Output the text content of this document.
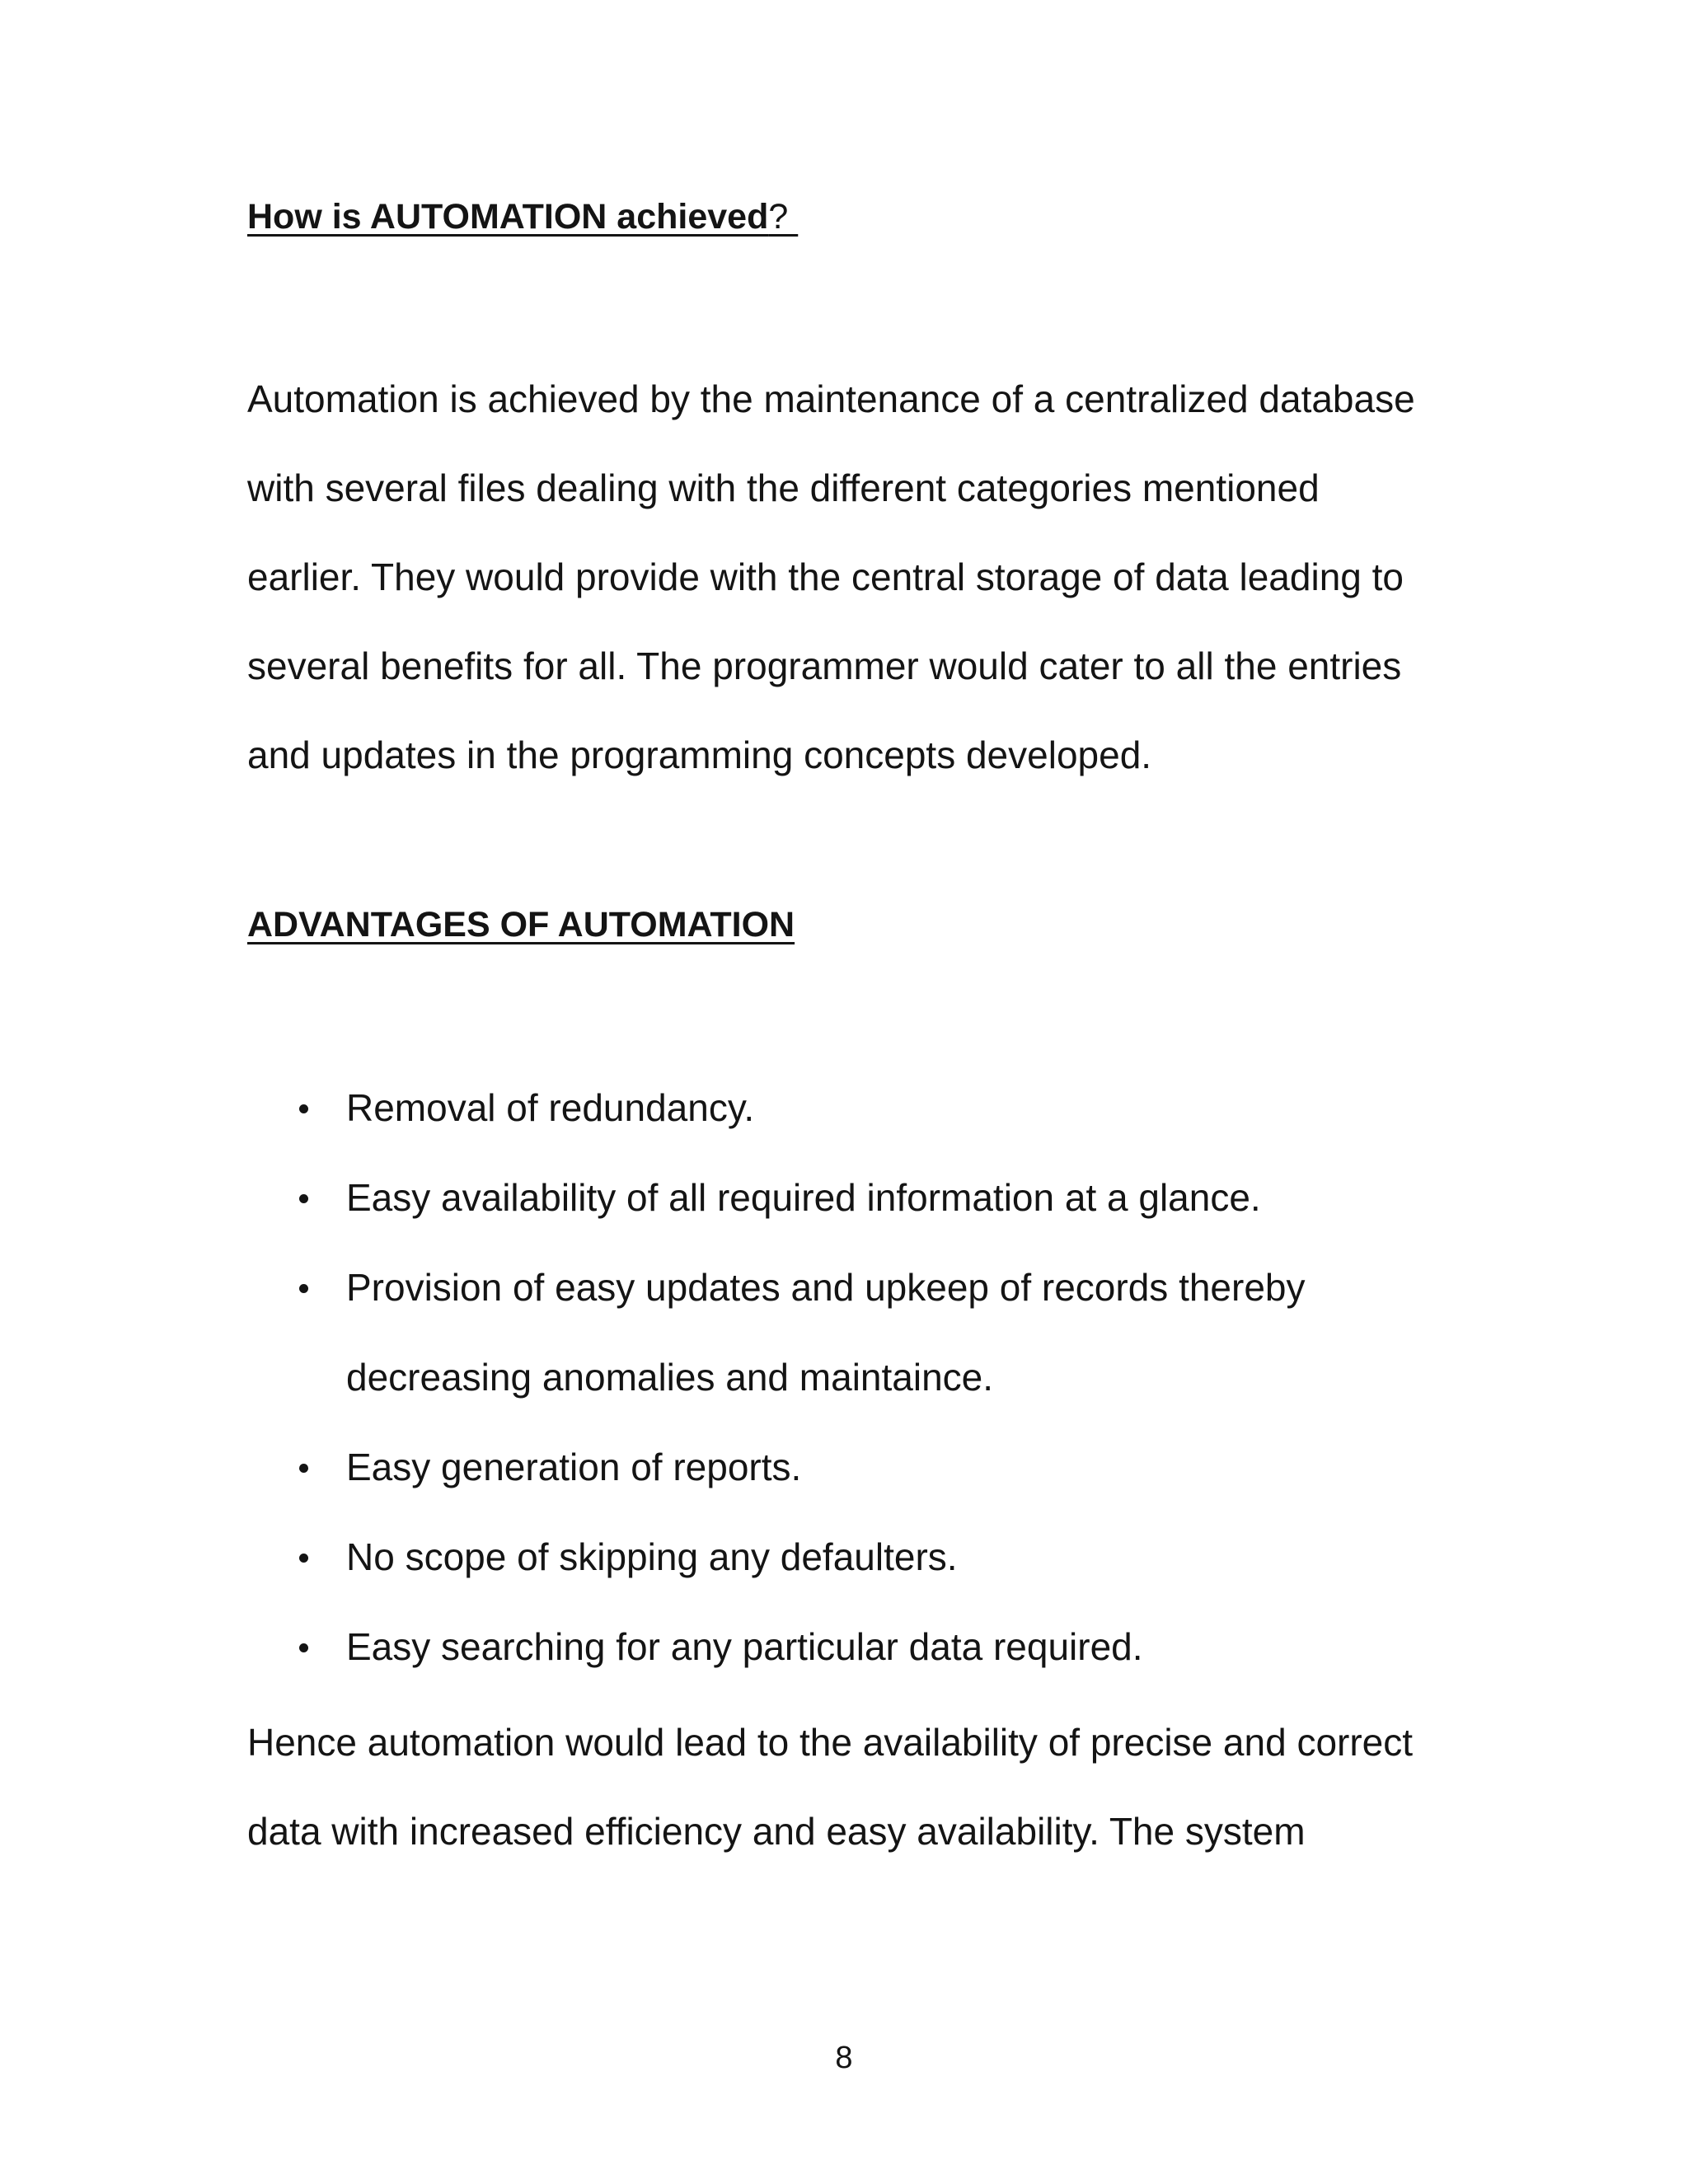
How is AUTOMATION achieved?

Automation is achieved by the maintenance of a centralized database
with several files dealing with the different categories mentioned
earlier. They would provide with the central storage of data leading to
several benefits for all. The programmer would cater to all the entries
and updates in the programming concepts developed.

ADVANTAGES OF AUTOMATION
Removal of redundancy.
Easy availability of all required information at a glance.
Provision of easy updates and upkeep of records thereby
decreasing anomalies and maintaince.
Easy generation of reports.
No scope of skipping any defaulters.
Easy searching for any particular data required.

Hence automation would lead to the availability of precise and correct
data with increased efficiency and easy availability. The system

8
